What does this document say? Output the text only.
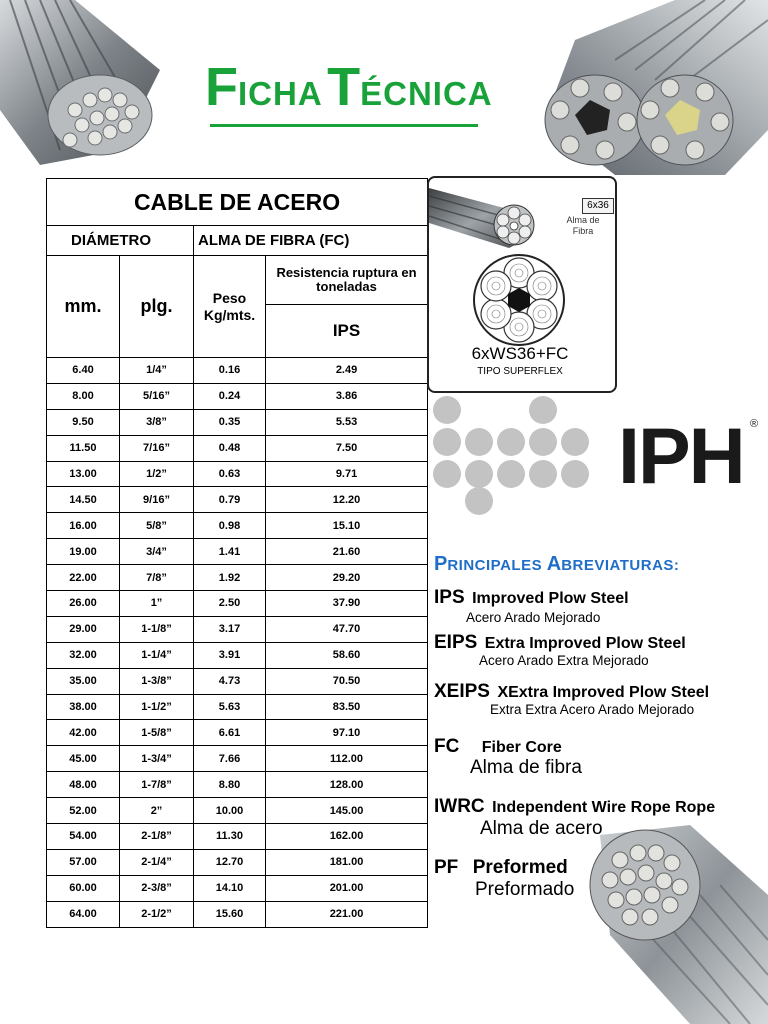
FICHA TÉCNICA
CABLE DE ACERO			
DIÁMETRO		ALMA DE FIBRA (FC)	
mm.	plg.	Peso Kg/mts.	Resistencia ruptura en toneladas
			IPS
6.40	1/4”	0.16	2.49
8.00	5/16”	0.24	3.86
9.50	3/8”	0.35	5.53
11.50	7/16”	0.48	7.50
13.00	1/2”	0.63	9.71
14.50	9/16”	0.79	12.20
16.00	5/8”	0.98	15.10
19.00	3/4”	1.41	21.60
22.00	7/8”	1.92	29.20
26.00	1”	2.50	37.90
29.00	1-1/8”	3.17	47.70
32.00	1-1/4”	3.91	58.60
35.00	1-3/8”	4.73	70.50
38.00	1-1/2”	5.63	83.50
42.00	1-5/8”	6.61	97.10
45.00	1-3/4”	7.66	112.00
48.00	1-7/8”	8.80	128.00
52.00	2”	10.00	145.00
54.00	2-1/8”	11.30	162.00
57.00	2-1/4”	12.70	181.00
60.00	2-3/8”	14.10	201.00
64.00	2-1/2”	15.60	221.00
6x36
Alma de Fibra
6xWS36+FC
TIPO SUPERFLEX
IPH ®
PRINCIPALES ABREVIATURAS:
IPS Improved Plow Steel
Acero Arado Mejorado
EIPS Extra Improved Plow Steel
Acero Arado Extra Mejorado
XEIPS XExtra Improved Plow Steel
Extra Extra Acero Arado Mejorado
FC Fiber Core
Alma de fibra
IWRC Independent Wire Rope Rope
Alma de acero
PF Preformed
Preformado
